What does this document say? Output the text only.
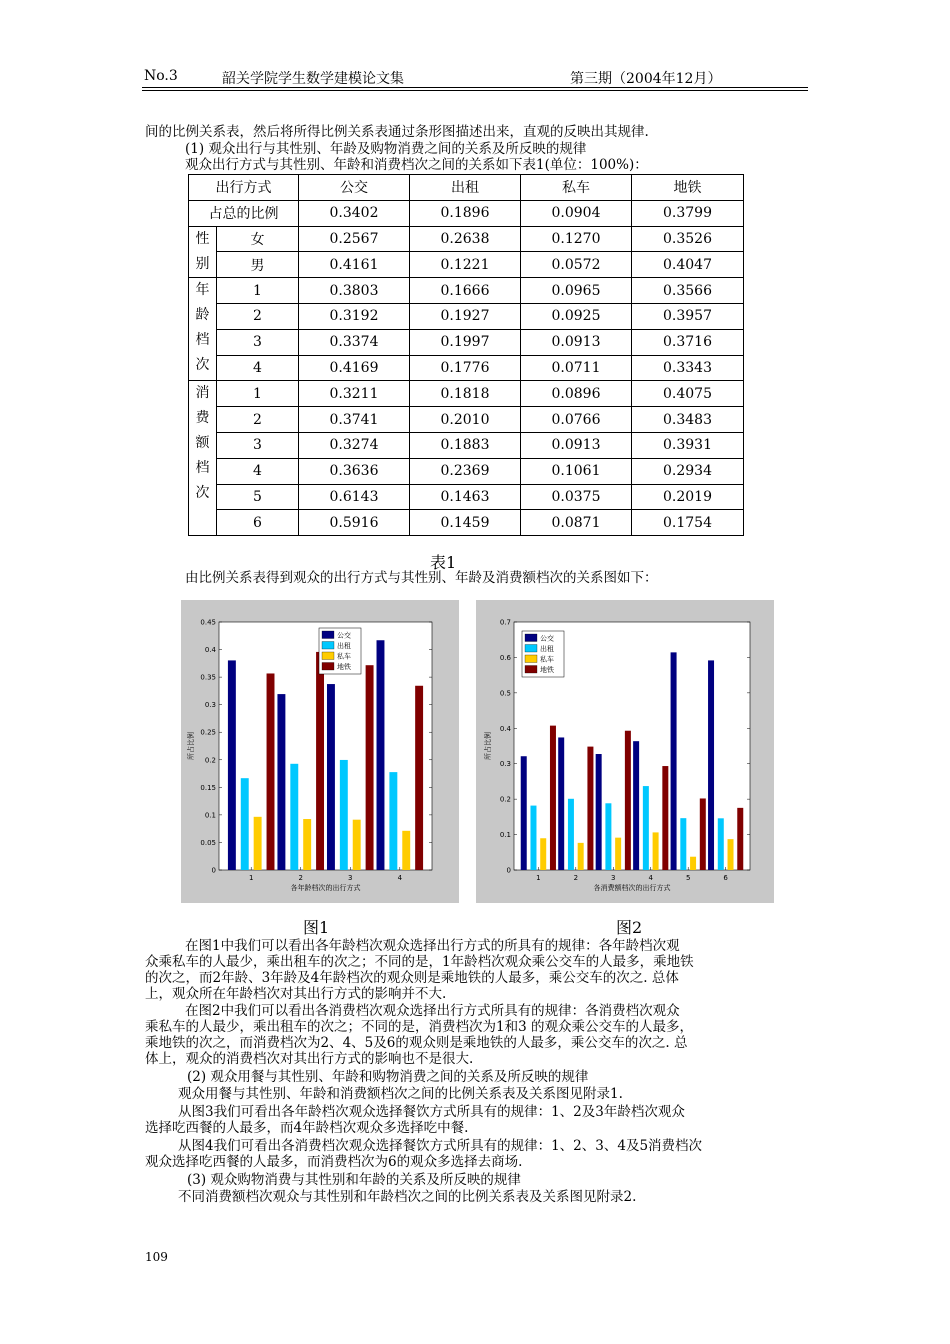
No.3	韶关学院学生数学建模论文集	第三期（2004年12月）
间的比例关系表，然后将所得比例关系表通过条形图描述出来，直观的反映出其规律.
(1) 观众出行与其性别、年龄及购物消费之间的关系及所反映的规律
观众出行方式与其性别、年龄和消费档次之间的关系如下表1(单位：100%)：
出行方式		公交	出租	私车	地铁
占总的比例		0.3402	0.1896	0.0904	0.3799

性
别	女	0.2567	0.2638	0.1270	0.3526
	男	0.4161	0.1221	0.0572	0.4047

年
龄
档
次	1	0.3803	0.1666	0.0965	0.3566
	2	0.3192	0.1927	0.0925	0.3957
	3	0.3374	0.1997	0.0913	0.3716
	4	0.4169	0.1776	0.0711	0.3343

消
费
额
档
次	1	0.3211	0.1818	0.0896	0.4075
	2	0.3741	0.2010	0.0766	0.3483
	3	0.3274	0.1883	0.0913	0.3931
	4	0.3636	0.2369	0.1061	0.2934
	5	0.6143	0.1463	0.0375	0.2019
	6	0.5916	0.1459	0.0871	0.1754
表1
由比例关系表得到观众的出行方式与其性别、年龄及消费额档次的关系图如下：
0
0.05
0.1
0.15
0.2
0.25
0.3
0.35
0.4
0.45
1	2	3	4
各年龄档次的出行方式
所占比例
公交
出租
私车
地铁
0
0.1
0.2
0.3
0.4
0.5
0.6
0.7
1	2	3	4	5	6
各消费额档次的出行方式
所占比例
公交
出租
私车
地铁
图1	图2
在图1中我们可以看出各年龄档次观众选择出行方式的所具有的规律：各年龄档次观
众乘私车的人最少，乘出租车的次之；不同的是，1年龄档次观众乘公交车的人最多，乘地铁
的次之，而2年龄、3年龄及4年龄档次的观众则是乘地铁的人最多，乘公交车的次之. 总体
上，观众所在年龄档次对其出行方式的影响并不大.
在图2中我们可以看出各消费档次观众选择出行方式所具有的规律：各消费档次观众
乘私车的人最少，乘出租车的次之；不同的是，消费档次为1和3 的观众乘公交车的人最多，
乘地铁的次之，而消费档次为2、4、5及6的观众则是乘地铁的人最多，乘公交车的次之. 总
体上，观众的消费档次对其出行方式的影响也不是很大.
(2) 观众用餐与其性别、年龄和购物消费之间的关系及所反映的规律
观众用餐与其性别、年龄和消费额档次之间的比例关系表及关系图见附录1.
从图3我们可看出各年龄档次观众选择餐饮方式所具有的规律：1、2及3年龄档次观众
选择吃西餐的人最多，而4年龄档次观众多选择吃中餐.
从图4我们可看出各消费档次观众选择餐饮方式所具有的规律：1、2、3、4及5消费档次
观众选择吃西餐的人最多，而消费档次为6的观众多选择去商场.
(3) 观众购物消费与其性别和年龄的关系及所反映的规律
不同消费额档次观众与其性别和年龄档次之间的比例关系表及关系图见附录2.
109
